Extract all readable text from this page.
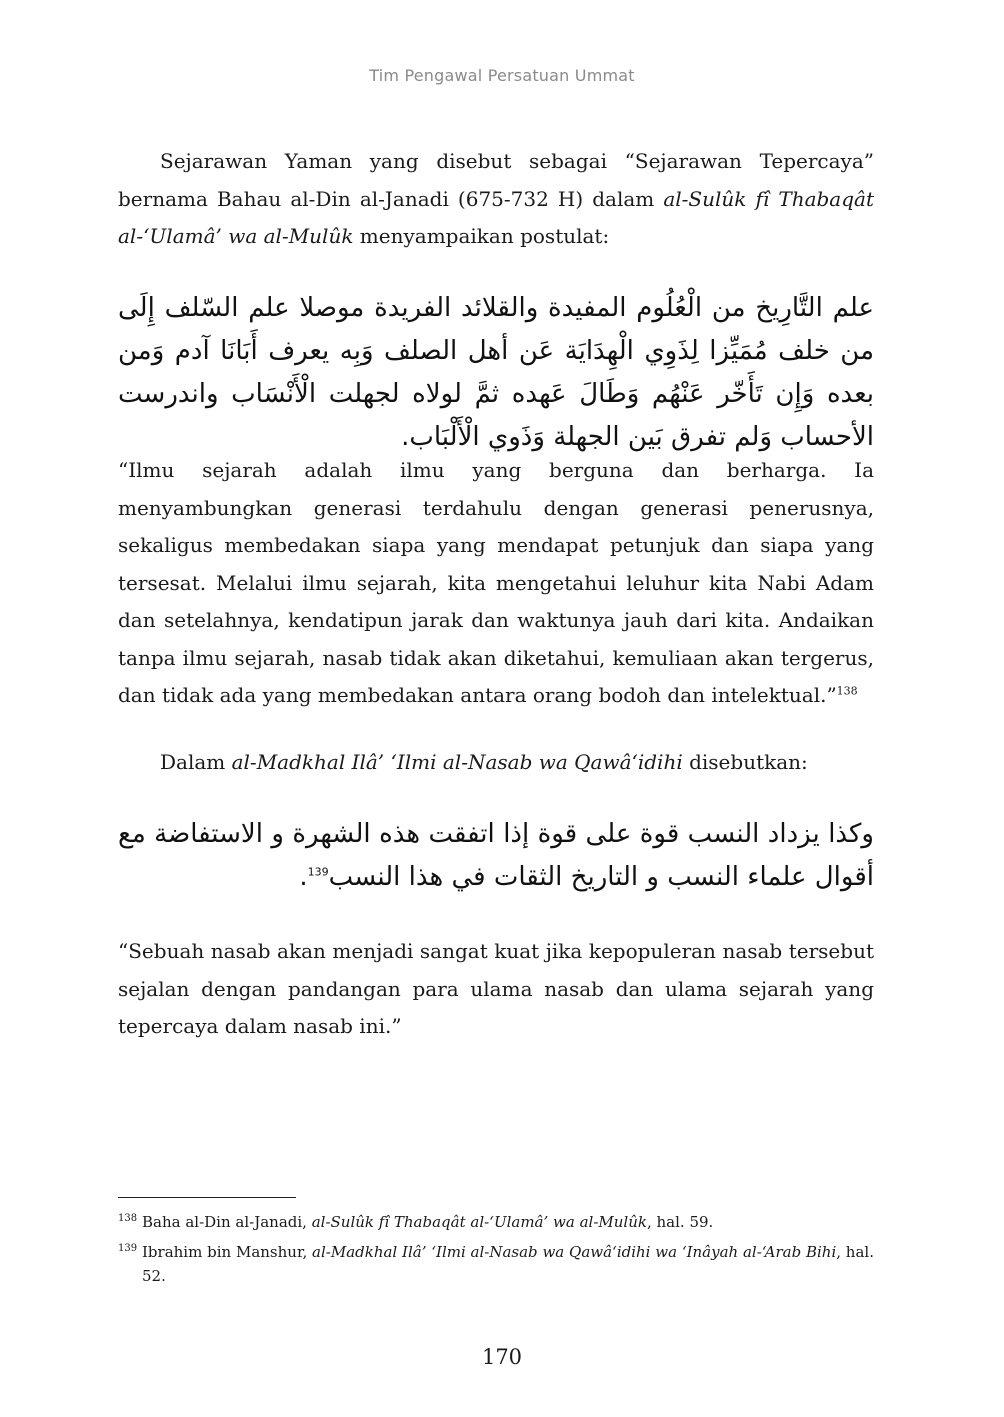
Tim Pengawal Persatuan Ummat

Sejarawan Yaman yang disebut sebagai “Sejarawan Tepercaya” bernama Bahau al-Din al-Janadi (675-732 H) dalam al-Sulûk fî Thabaqât al-‘Ulamâ’ wa al-Mulûk menyampaikan postulat:

علم التَّارِيخ من الْعُلُوم المفيدة والقلائد الفريدة موصلا علم السّلف إِلَى من خلف مُمَيِّزا لِذَوِي الْهِدَايَة عَن أهل الصلف وَبِه يعرف أَبَانَا آدم وَمن بعده وَإِن تَأَخّر عَنْهُم وَطَالَ عَهده ثمَّ لولاه لجهلت الْأَنْسَاب واندرست الأحساب وَلم تفرق بَين الجهلة وَذَوي الْأَلْبَاب.

“Ilmu sejarah adalah ilmu yang berguna dan berharga. Ia menyambungkan generasi terdahulu dengan generasi penerusnya, sekaligus membedakan siapa yang mendapat petunjuk dan siapa yang tersesat. Melalui ilmu sejarah, kita mengetahui leluhur kita Nabi Adam dan setelahnya, kendatipun jarak dan waktunya jauh dari kita. Andaikan tanpa ilmu sejarah, nasab tidak akan diketahui, kemuliaan akan tergerus, dan tidak ada yang membedakan antara orang bodoh dan intelektual.”$^{138}$

Dalam al-Madkhal Ilâ’ ‘Ilmi al-Nasab wa Qawâ‘idihi disebutkan:

وكذا يزداد النسب قوة على قوة إذا اتفقت هذه الشهرة و الاستفاضة مع أقوال علماء النسب و التاريخ الثقات في هذا النسب$^{139}$.

“Sebuah nasab akan menjadi sangat kuat jika kepopuleran nasab tersebut sejalan dengan pandangan para ulama nasab dan ulama sejarah yang tepercaya dalam nasab ini.”

138 Baha al-Din al-Janadi, al-Sulûk fî Thabaqât al-‘Ulamâ’ wa al-Mulûk, hal. 59.
139 Ibrahim bin Manshur, al-Madkhal Ilâ’ ‘Ilmi al-Nasab wa Qawâ‘idihi wa ‘Inâyah al-‘Arab Bihi, hal. 52.
170
